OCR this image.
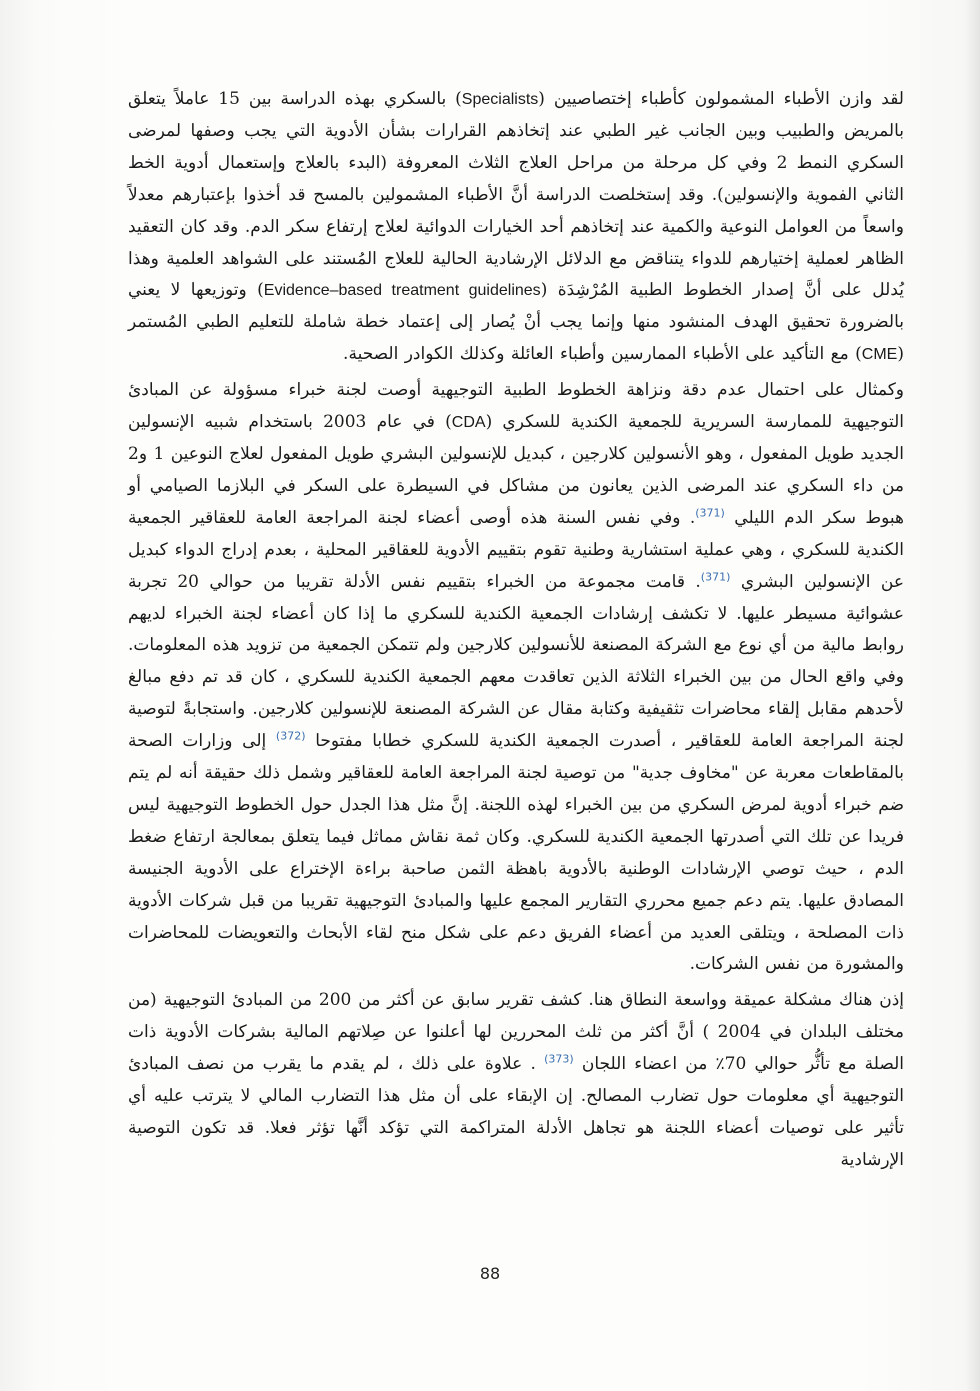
لقد وازن الأطباء المشمولون كأطباء إختصاصيين (Specialists) بالسكري بهذه الدراسة بين 15 عاملاً يتعلق بالمريض والطبيب وبين الجانب غير الطبي عند إتخاذهم القرارات بشأن الأدوية التي يجب وصفها لمرضى السكري النمط 2 وفي كل مرحلة من مراحل العلاج الثلاث المعروفة (البدء بالعلاج وإستعمال أدوية الخط الثاني الفموية والإنسولين). وقد إستخلصت الدراسة أنَّ الأطباء المشمولين بالمسح قد أخذوا بإعتبارهم معدلاً واسعاً من العوامل النوعية والكمية عند إتخاذهم أحد الخيارات الدوائية لعلاج إرتفاع سكر الدم. وقد كان التعقيد الظاهر لعملية إختيارهم للدواء يتناقض مع الدلائل الإرشادية الحالية للعلاج المُستند على الشواهد العلمية وهذا يُدلل على أنَّ إصدار الخطوط الطبية المُرْشِدَة (Evidence–based treatment guidelines) وتوزيعها لا يعني بالضرورة تحقيق الهدف المنشود منها وإنما يجب أنْ يُصار إلى إعتماد خطة شاملة للتعليم الطبي المُستمر (CME) مع التأكيد على الأطباء الممارسين وأطباء العائلة وكذلك الكوادر الصحية.

وكمثال على احتمال عدم دقة ونزاهة الخطوط الطبية التوجيهية أوصت لجنة خبراء مسؤولة عن المبادئ التوجيهية للممارسة السريرية للجمعية الكندية للسكري (CDA) في عام 2003 باستخدام شبيه الإنسولين الجديد طويل المفعول ، وهو الأنسولين كلارجين ، كبديل للإنسولين البشري طويل المفعول لعلاج النوعين 1 و2 من داء السكري عند المرضى الذين يعانون من مشاكل في السيطرة على السكر في البلازما الصيامي أو هبوط سكر الدم الليلي $^{(371)}$. وفي نفس السنة هذه أوصى أعضاء لجنة المراجعة العامة للعقاقير الجمعية الكندية للسكري ، وهي عملية استشارية وطنية تقوم بتقييم الأدوية للعقاقير المحلية ، بعدم إدراج الدواء كبديل عن الإنسولين البشري $^{(371)}$. قامت مجموعة من الخبراء بتقييم نفس الأدلة تقريبا من حوالي 20 تجربة عشوائية مسيطر عليها. لا تكشف إرشادات الجمعية الكندية للسكري ما إذا كان أعضاء لجنة الخبراء لديهم روابط مالية من أي نوع مع الشركة المصنعة للأنسولين كلارجين ولم تتمكن الجمعية من تزويد هذه المعلومات. وفي واقع الحال من بين الخبراء الثلاثة الذين تعاقدت معهم الجمعية الكندية للسكري ، كان قد تم دفع مبالغ لأحدهم مقابل إلقاء محاضرات تثقيفية وكتابة مقال عن الشركة المصنعة للإنسولين كلارجين. واستجابةً لتوصية لجنة المراجعة العامة للعقاقير ، أصدرت الجمعية الكندية للسكري خطابا مفتوحا $^{(372)}$ إلى وزارات الصحة بالمقاطعات معربة عن "مخاوف جدية" من توصية لجنة المراجعة العامة للعقاقير وشمل ذلك حقيقة أنه لم يتم ضم خبراء أدوية لمرض السكري من بين الخبراء لهذه اللجنة. إنَّ مثل هذا الجدل حول الخطوط التوجيهية ليس فريدا عن تلك التي أصدرتها الجمعية الكندية للسكري. وكان ثمة نقاش مماثل فيما يتعلق بمعالجة ارتفاع ضغط الدم ، حيث توصي الإرشادات الوطنية بالأدوية باهظة الثمن صاحبة براءة الإختراع على الأدوية الجنيسة المصادق عليها. يتم دعم جميع محرري التقارير المجمع عليها والمبادئ التوجيهية تقريبا من قبل شركات الأدوية ذات المصلحة ، ويتلقى العديد من أعضاء الفريق دعم على شكل منح لقاء الأبحاث والتعويضات للمحاضرات والمشورة من نفس الشركات.

إذن هناك مشكلة عميقة وواسعة النطاق هنا. كشف تقرير سابق عن أكثر من 200 من المبادئ التوجيهية (من مختلف البلدان في 2004 ) أنَّ أكثر من ثلث المحررين لها أعلنوا عن صِلاتهم المالية بشركات الأدوية ذات الصلة مع تأثُّر حوالي 70٪ من اعضاء اللجان $^{(373)}$ . علاوة على ذلك ، لم يقدم ما يقرب من نصف المبادئ التوجيهية أي معلومات حول تضارب المصالح. إن الإبقاء على أن مثل هذا التضارب المالي لا يترتب عليه أي تأثير على توصيات أعضاء اللجنة هو تجاهل الأدلة المتراكمة التي تؤكد أنَّها تؤثر فعلا. قد تكون التوصية الإرشادية

88
